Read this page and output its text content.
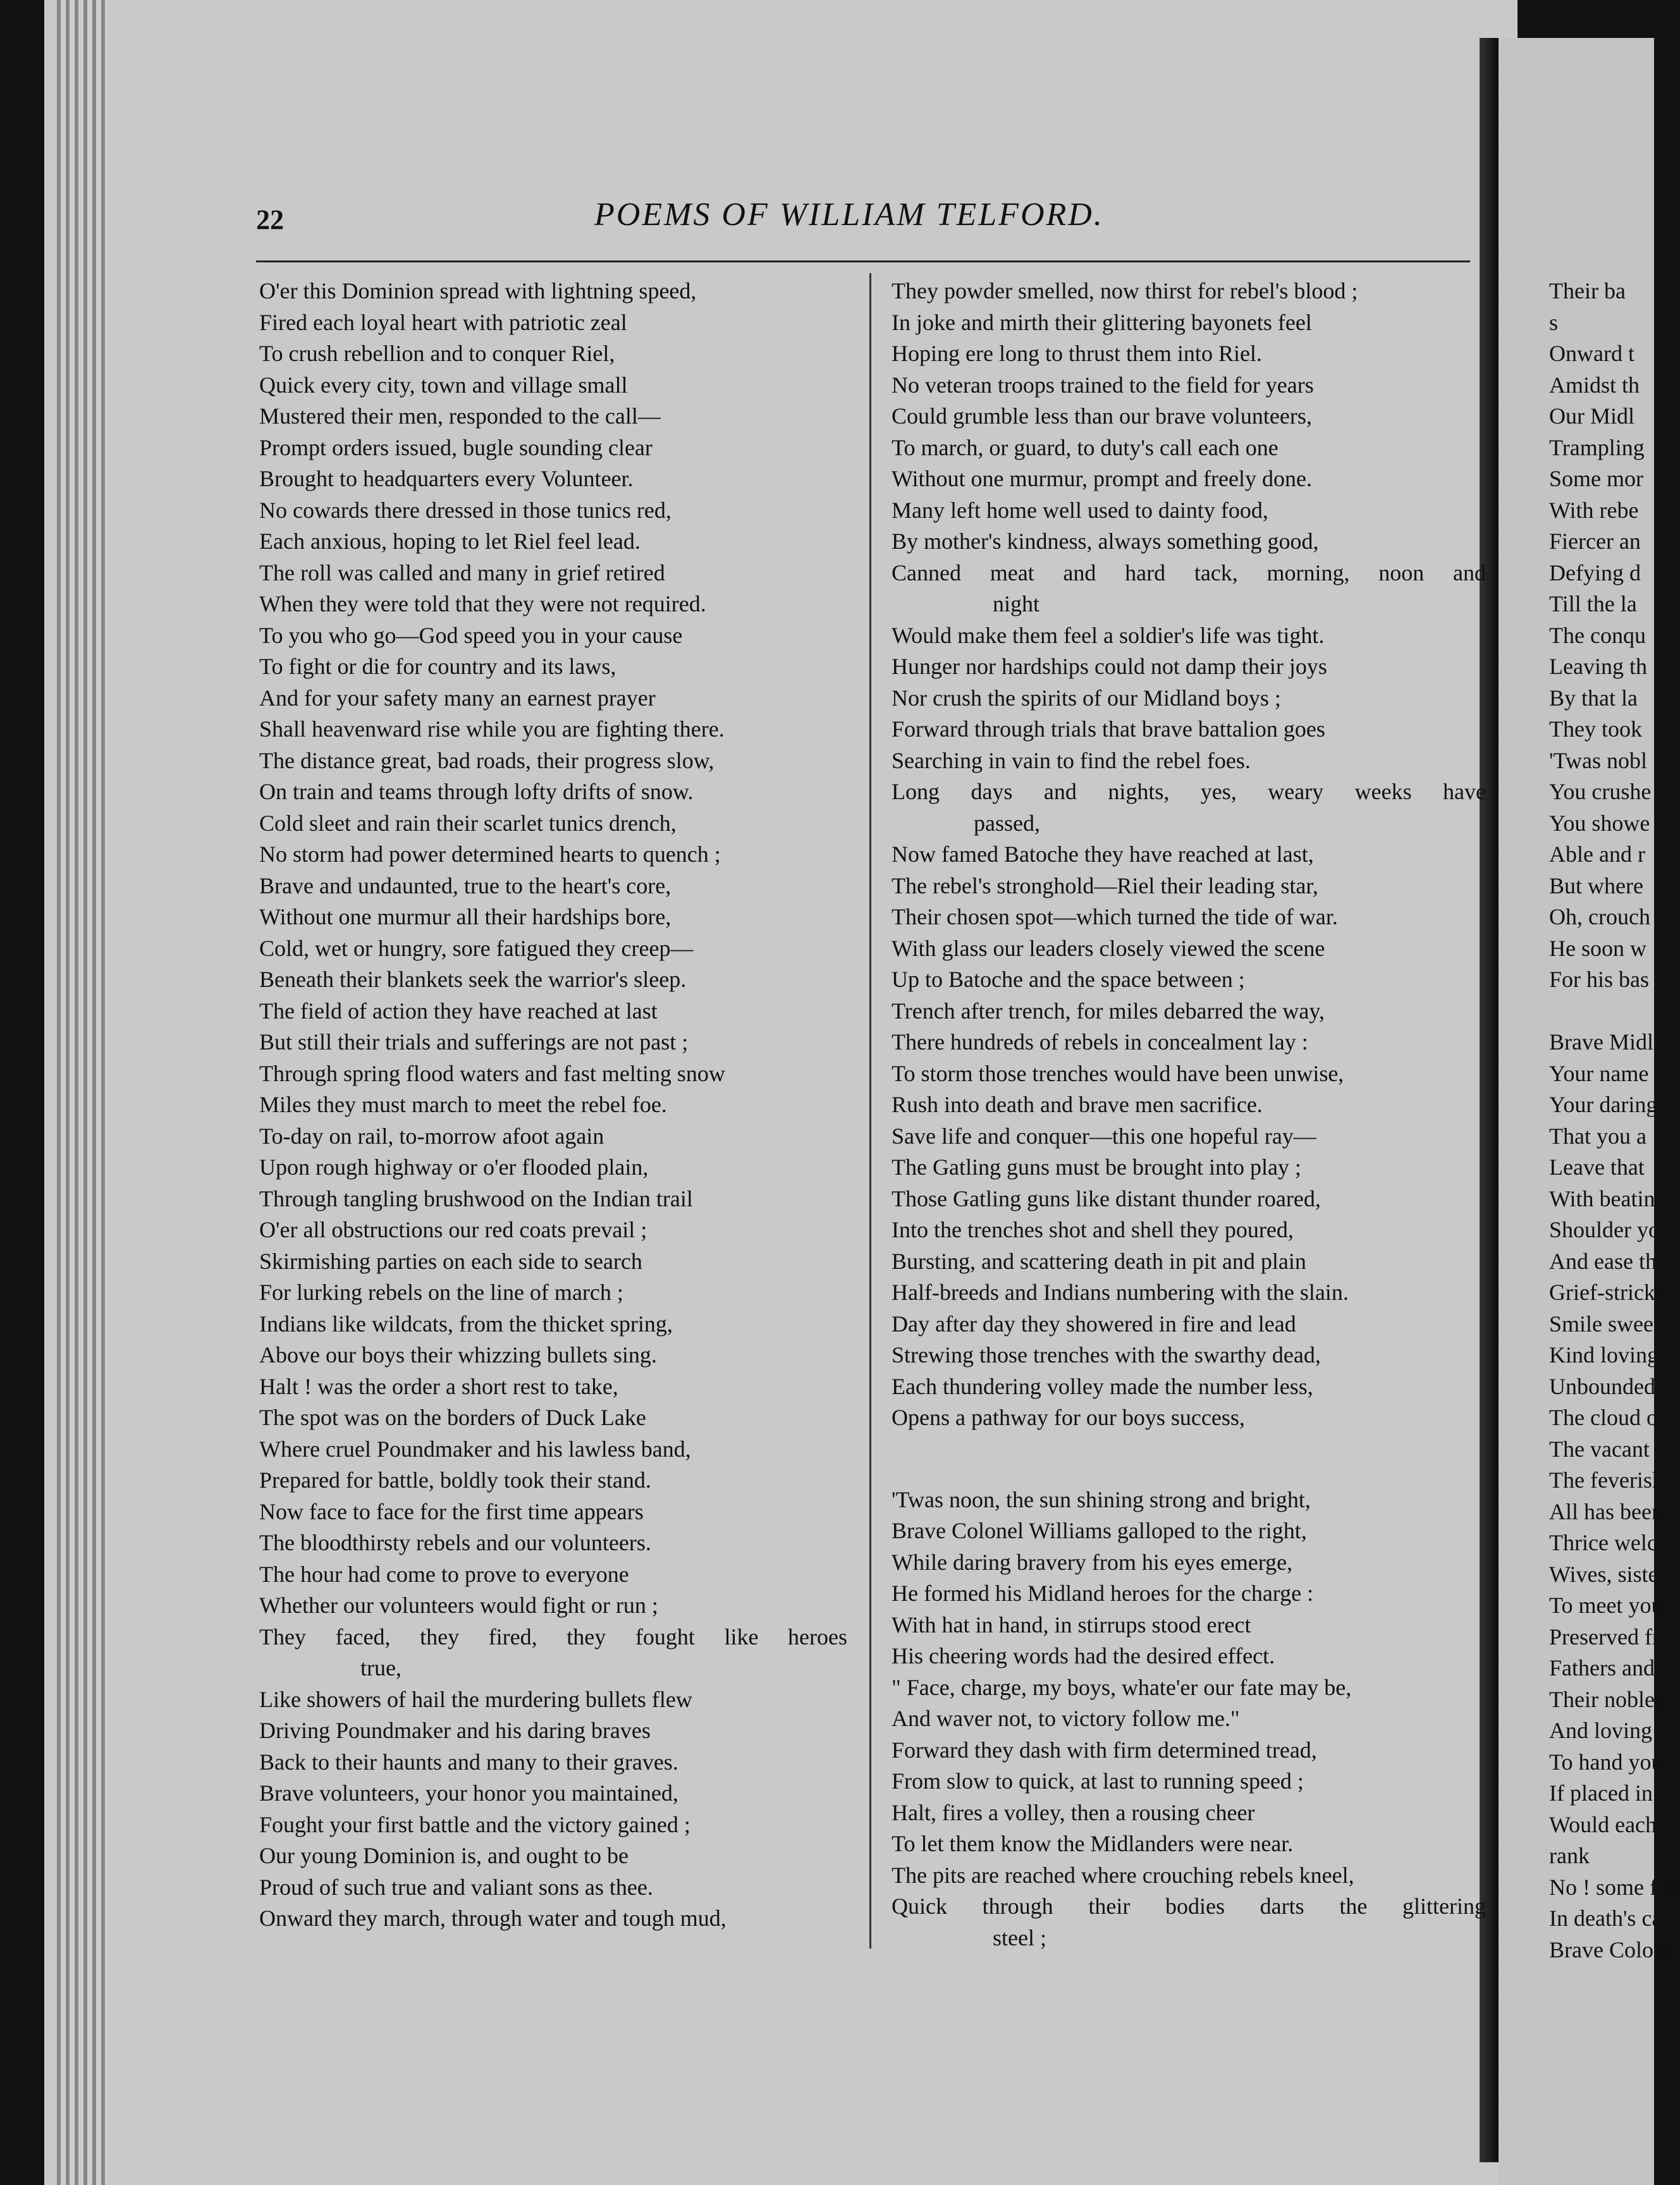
22	POEMS OF WILLIAM TELFORD.
O'er this Dominion spread with lightning speed,
Fired each loyal heart with patriotic zeal
To crush rebellion and to conquer Riel,
Quick every city, town and village small
Mustered their men, responded to the call—
Prompt orders issued, bugle sounding clear
Brought to headquarters every Volunteer.
No cowards there dressed in those tunics red,
Each anxious, hoping to let Riel feel lead.
The roll was called and many in grief retired
When they were told that they were not required.
To you who go—God speed you in your cause
To fight or die for country and its laws,
And for your safety many an earnest prayer
Shall heavenward rise while you are fighting there.
The distance great, bad roads, their progress slow,
On train and teams through lofty drifts of snow.
Cold sleet and rain their scarlet tunics drench,
No storm had power determined hearts to quench ;
Brave and undaunted, true to the heart's core,
Without one murmur all their hardships bore,
Cold, wet or hungry, sore fatigued they creep—
Beneath their blankets seek the warrior's sleep.
The field of action they have reached at last
But still their trials and sufferings are not past ;
Through spring flood waters and fast melting snow
Miles they must march to meet the rebel foe.
To-day on rail, to-morrow afoot again
Upon rough highway or o'er flooded plain,
Through tangling brushwood on the Indian trail
O'er all obstructions our red coats prevail ;
Skirmishing parties on each side to search
For lurking rebels on the line of march ;
Indians like wildcats, from the thicket spring,
Above our boys their whizzing bullets sing.
Halt ! was the order a short rest to take,
The spot was on the borders of Duck Lake
Where cruel Poundmaker and his lawless band,
Prepared for battle, boldly took their stand.
Now face to face for the first time appears
The bloodthirsty rebels and our volunteers.
The hour had come to prove to everyone
Whether our volunteers would fight or run ;
They faced, they fired, they fought like heroes
true,
Like showers of hail the murdering bullets flew
Driving Poundmaker and his daring braves
Back to their haunts and many to their graves.
Brave volunteers, your honor you maintained,
Fought your first battle and the victory gained ;
Our young Dominion is, and ought to be
Proud of such true and valiant sons as thee.
Onward they march, through water and tough mud,
They powder smelled, now thirst for rebel's blood ;
In joke and mirth their glittering bayonets feel
Hoping ere long to thrust them into Riel.
No veteran troops trained to the field for years
Could grumble less than our brave volunteers,
To march, or guard, to duty's call each one
Without one murmur, prompt and freely done.
Many left home well used to dainty food,
By mother's kindness, always something good,
Canned meat and hard tack, morning, noon and
night
Would make them feel a soldier's life was tight.
Hunger nor hardships could not damp their joys
Nor crush the spirits of our Midland boys ;
Forward through trials that brave battalion goes
Searching in vain to find the rebel foes.
Long days and nights, yes, weary weeks have
passed,
Now famed Batoche they have reached at last,
The rebel's stronghold—Riel their leading star,
Their chosen spot—which turned the tide of war.
With glass our leaders closely viewed the scene
Up to Batoche and the space between ;
Trench after trench, for miles debarred the way,
There hundreds of rebels in concealment lay :
To storm those trenches would have been unwise,
Rush into death and brave men sacrifice.
Save life and conquer—this one hopeful ray—
The Gatling guns must be brought into play ;
Those Gatling guns like distant thunder roared,
Into the trenches shot and shell they poured,
Bursting, and scattering death in pit and plain
Half-breeds and Indians numbering with the slain.
Day after day they showered in fire and lead
Strewing those trenches with the swarthy dead,
Each thundering volley made the number less,
Opens a pathway for our boys success,
'Twas noon, the sun shining strong and bright,
Brave Colonel Williams galloped to the right,
While daring bravery from his eyes emerge,
He formed his Midland heroes for the charge :
With hat in hand, in stirrups stood erect
His cheering words had the desired effect.
" Face, charge, my boys, whate'er our fate may be,
And waver not, to victory follow me."
Forward they dash with firm determined tread,
From slow to quick, at last to running speed ;
Halt, fires a volley, then a rousing cheer
To let them know the Midlanders were near.
The pits are reached where crouching rebels kneel,
Quick through their bodies darts the glittering
steel ;
Their ba
s
Onward t
Amidst th
Our Midl
Trampling
Some mor
With rebe
Fiercer an
Defying d
Till the la
The conqu
Leaving th
By that la
They took
'Twas nobl
You crushe
You showe
Able and r
But where
Oh, crouch
He soon w
For his bas
Brave Midl
Your name
Your daring
That you a
Leave that
With beatin
Shoulder yo
And ease th
Grief-stricke
Smile sweet
Kind loving
Unbounded
The cloud o
The vacant
The feverish
All has been
Thrice welc
Wives, siste
To meet you
Preserved fr
Fathers and
Their nobles
And loving f
To hand you
If placed in
Would each
rank
No ! some fou
In death's cal
Brave Colone
